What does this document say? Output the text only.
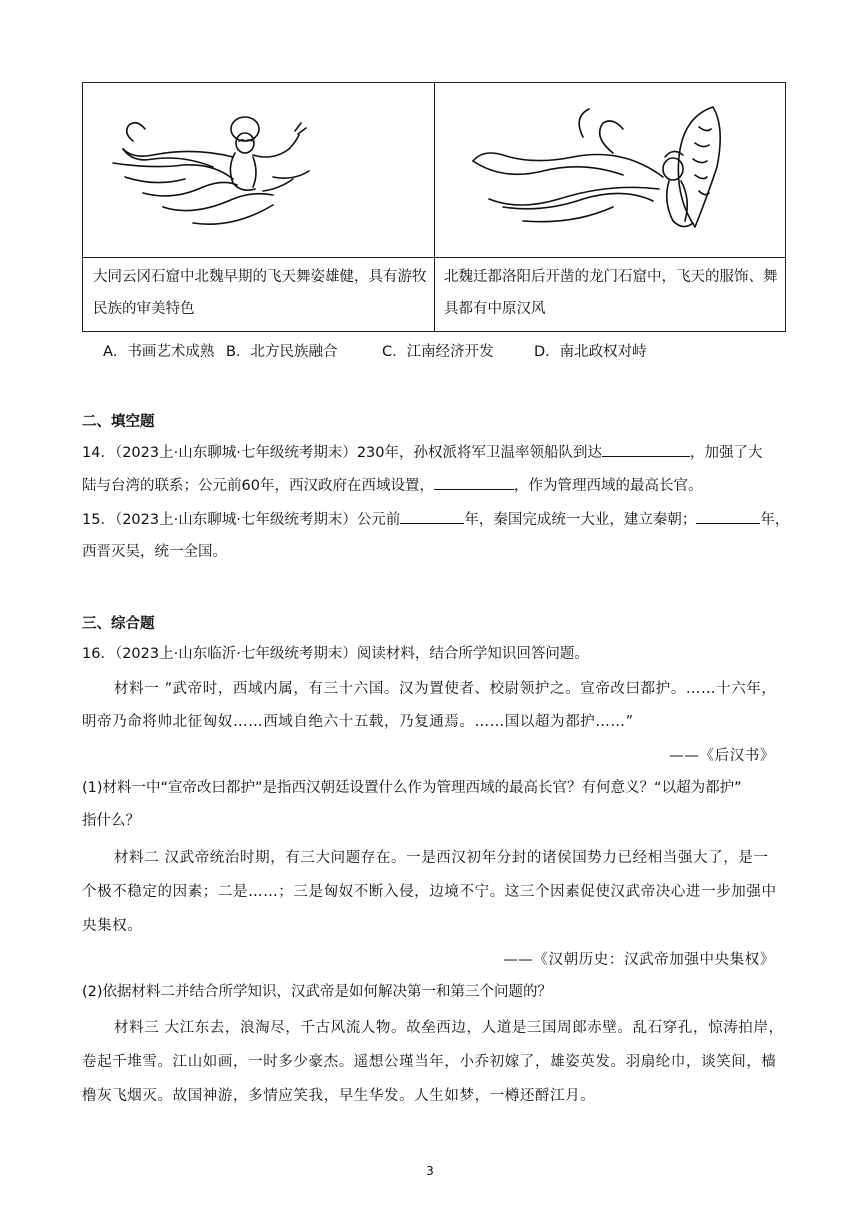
大同云冈石窟中北魏早期的飞天舞姿雄健，具有游牧民族的审美特色
北魏迁都洛阳后开凿的龙门石窟中，飞天的服饰、舞具都有中原汉风
A．书画艺术成熟 B．北方民族融合	C．江南经济开发	D．南北政权对峙
二、填空题
14．（2023上·山东聊城·七年级统考期末）230年，孙权派将军卫温率领船队到达	，加强了大
陆与台湾的联系；公元前60年，西汉政府在西域设置，	，作为管理西域的最高长官。
15．（2023上·山东聊城·七年级统考期末）公元前	年，秦国完成统一大业，建立秦朝；	年，
西晋灭吴，统一全国。
三、综合题
16．（2023上·山东临沂·七年级统考期末）阅读材料，结合所学知识回答问题。
材料一 “武帝时，西域内属，有三十六国。汉为置使者、校尉领护之。宣帝改曰都护。……十六年，
明帝乃命将帅北征匈奴……西域自绝六十五载，乃复通焉。……国以超为都护……”
——《后汉书》
(1)材料一中“宣帝改曰都护”是指西汉朝廷设置什么作为管理西域的最高长官？有何意义？“以超为都护”
指什么？
材料二 汉武帝统治时期，有三大问题存在。一是西汉初年分封的诸侯国势力已经相当强大了，是一
个极不稳定的因素；二是……；三是匈奴不断入侵，边境不宁。这三个因素促使汉武帝决心进一步加强中
央集权。
——《汉朝历史：汉武帝加强中央集权》
(2)依据材料二并结合所学知识，汉武帝是如何解决第一和第三个问题的？
材料三 大江东去，浪淘尽，千古风流人物。故垒西边，人道是三国周郎赤壁。乱石穿孔，惊涛拍岸，
卷起千堆雪。江山如画，一时多少豪杰。遥想公瑾当年，小乔初嫁了，雄姿英发。羽扇纶巾，谈笑间，樯
橹灰飞烟灭。故国神游，多情应笑我，早生华发。人生如梦，一樽还酹江月。
3
